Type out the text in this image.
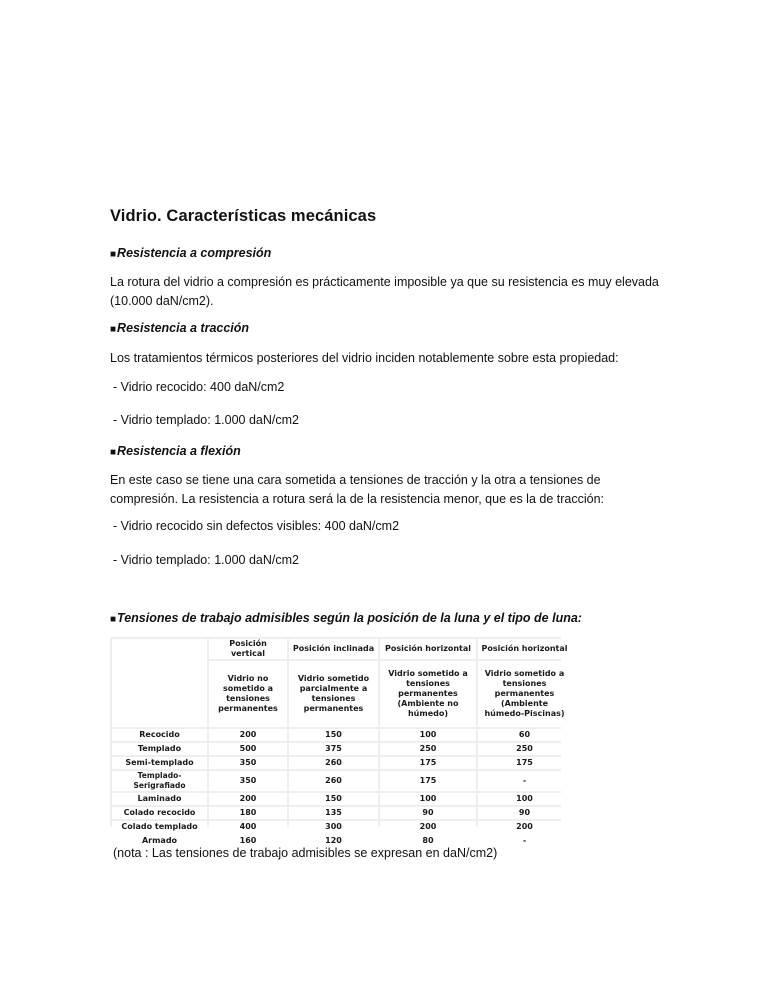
Vidrio. Características mecánicas
■Resistencia a compresión
La rotura del vidrio a compresión es prácticamente imposible ya que su resistencia es muy elevada (10.000 daN/cm2).
■Resistencia a tracción
Los tratamientos térmicos posteriores del vidrio inciden notablemente sobre esta propiedad:
- Vidrio recocido: 400 daN/cm2
- Vidrio templado: 1.000 daN/cm2
■Resistencia a flexión
En este caso se tiene una cara sometida a tensiones de tracción y la otra a tensiones de compresión. La resistencia a rotura será la de la resistencia menor, que es la de tracción:
- Vidrio recocido sin defectos visibles: 400 daN/cm2
- Vidrio templado: 1.000 daN/cm2
■Tensiones de trabajo admisibles según la posición de la luna y el tipo de luna:
	Posición vertical	Posición inclinada	Posición horizontal	Posición horizontal
	Vidrio no sometido a tensiones permanentes	Vidrio sometido parcialmente a tensiones permanentes	Vidrio sometido a tensiones permanentes (Ambiente no húmedo)	Vidrio sometido a tensiones permanentes (Ambiente húmedo-Piscinas)
Recocido	200	150	100	60
Templado	500	375	250	250
Semi-templado	350	260	175	175
Templado-Serigrafiado	350	260	175	-
Laminado	200	150	100	100
Colado recocido	180	135	90	90
Colado templado	400	300	200	200
Armado	160	120	80	-
(nota : Las tensiones de trabajo admisibles se expresan en daN/cm2)
